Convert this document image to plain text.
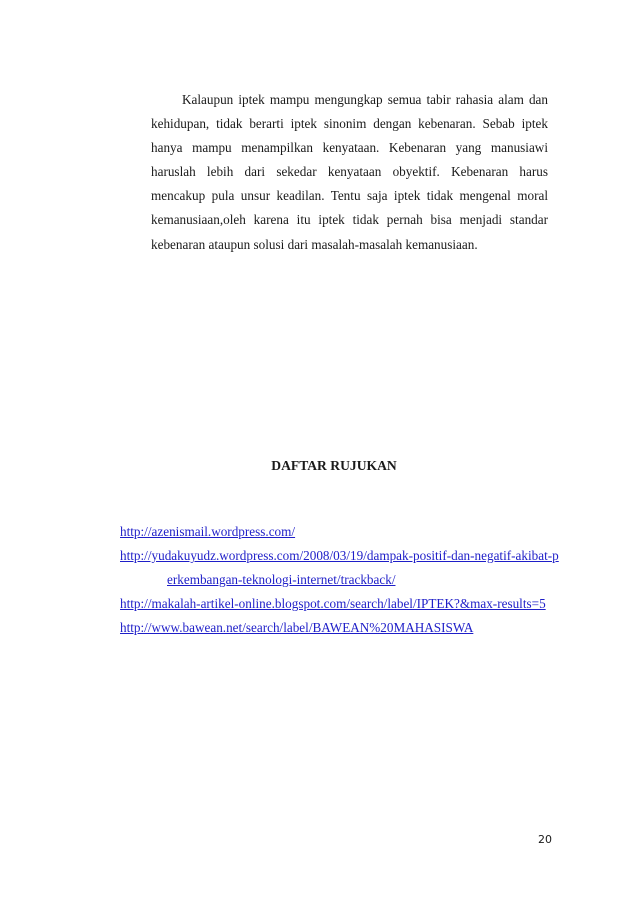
Kalaupun iptek mampu mengungkap semua tabir rahasia alam dan kehidupan, tidak berarti iptek sinonim dengan kebenaran. Sebab iptek hanya mampu menampilkan kenyataan. Kebenaran yang manusiawi haruslah lebih dari sekedar kenyataan obyektif. Kebenaran harus mencakup pula unsur keadilan. Tentu saja iptek tidak mengenal moral kemanusiaan,oleh karena itu iptek tidak pernah bisa menjadi standar kebenaran ataupun solusi dari masalah-masalah kemanusiaan.

DAFTAR RUJUKAN
http://azenismail.wordpress.com/
http://yudakuyudz.wordpress.com/2008/03/19/dampak-positif-dan-negatif-akibat-perkembangan-teknologi-internet/trackback/
http://makalah-artikel-online.blogspot.com/search/label/IPTEK?&max-results=5
http://www.bawean.net/search/label/BAWEAN%20MAHASISWA
20
